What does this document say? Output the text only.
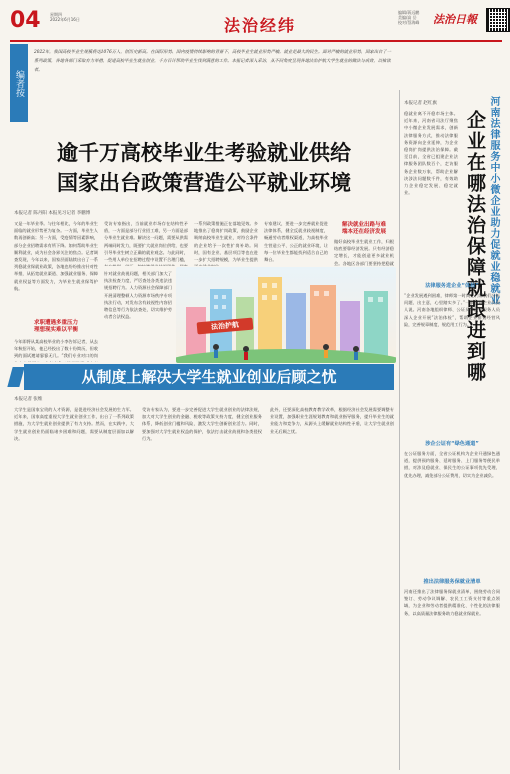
04 星期四
2022年6月16日	法治经纬
编辑/蒋远鹏
美编/高 岳
校对/蔡海峰 法治日報
编者按
2022年，我国高校毕业生规模将达1076万人，创历史新高。在国际形势、国内疫情持续影响的背景下，高校毕业生就业形势严峻。就业是最大的民生。面对严峻的就业形势，国家出台了一系列政策，各地各部门采取有力举措，促进高校毕业生就业创业，千方百计帮助毕业生找到满意的工作。本报记者深入采访，从不同角度呈现各地法治护航大学生就业的做法与成效，以飨读者。
逾千万高校毕业生考验就业供给
国家出台政策营造公平就业环境
本报记者 陈丹阳 本报见习记者 李鹏博
又是一年毕业季。与往年相比，今年的毕业生面临的就业形势更为复杂。一方面，毕业生人数再创新高；另一方面，受疫情等因素影响，部分企业招聘需求有所下降。如何帮助毕业生顺利就业，成为社会各界关注的焦点。记者调查发现，今年以来，国家层面陆续出台了一系列稳就业保就业政策，各地也纷纷推出针对性举措，从拓宽就业渠道、加强就业服务、保障就业权益等方面发力，为毕业生就业保驾护航。
求职遭遇多重压力
理想现实难以平衡
今年即将从某高校毕业的小李告诉记者，从去年秋招开始，他已经投出了数十份简历，但收到的面试邀请寥寥无几。“我们专业对口的岗
受访专家指出，当前就业市场存在结构性矛盾，一方面是部分行业招工难，另一方面是部分毕业生就业难。解决这一问题，需要从供需两端同时发力，既要扩大就业岗位供给，也要引导毕业生树立正确的就业观念。与此同时，一些用人单位在招聘过程中设置不合理门槛，
针对就业歧视问题，相关部门加大了执法检查力度，严厉查处各类违法违规招聘行为。人力资源社会保障部门开展清理整顿人力资源市场秩序专项执法行动，对发布含有歧视性内容招聘信息等行为依法查处，切实维护劳动者合法权益。
一系列政策措施正在落地见效。多地推出了稳岗扩岗政策，鼓励企业吸纳高校毕业生就业，对符合条件的企业给予一次性扩岗补助。同时，国有企业、基层项目等也在进一步扩大招聘规模，为毕业生提供
专家建议，要进一步完善就业促进法律体系，健全反就业歧视制度，畅通劳动者维权渠道，为高校毕业生营造公平、公正的就业环境，让每一位毕业生都能找到适合自己的舞台。
解决就业出路与难
端本还在经济发展
做好高校毕业生就业工作，归根结底要靠经济发展。只有经济稳定增长，才能创造更多就业机会。各地区各部门要坚持把稳就
法治护航
从制度上解决大学生就业创业后顾之忧
本报记者 张维
大学生是国家宝贵的人才资源，是促进经济社会发展的生力军。近年来，国家高度重视大学生就业创业工作，出台了一系列政策措施，为大学生就业创业提供了有力支持。然而，在实践中，大学生就业创业仍面临诸多困难和问题，需要从制度层面加以解决。
受访专家认为，要进一步完善促进大学生就业创业的法律法规，加大对大学生创业的金融、税收等政策支持力度，健全创业服务体系，降低创业门槛和风险，激发大学生创新创业活力。同时，要加强对大学生就业权益的保护，依法打击就业歧视和各类侵权行为。
此外，还要深化高校教育教学改革，根据经济社会发展需要调整专业设置，加强职业生涯规划教育和就业指导服务，提升毕业生的就业能力和竞争力，从源头上缓解就业结构性矛盾，让大学生就业创业无后顾之忧。
本报记者 赵红旗	河南法律服务中小微企业助力促就业稳就业
企业在哪法治保障就跟进到哪
稳就业离不开稳市场主体。近年来，河南省司法厅聚焦中小微企业发展需求，创新法律服务方式，推动法律服务资源向企业延伸，为企业稳岗扩岗提供法治保障。截至目前，全省已组建企业法律服务团队数百个，走访服务企业数万家，帮助企业解决涉法问题数千件，有效助力企业稳定发展、稳定就业。
法律服务进企业“体检”
“企业发展遇到困难，律师第一时间上门帮我们分析问题、出主意，心里踏实多了。”一家小微企业负责人说。河南各地组织律师、公证员等法律服务人员深入企业开展“法治体检”，帮助企业排查经营风险，完善规章制度，规范用工行为。
涉企公证有“绿色通道”
在公证服务方面，全省公证机构为企业开通绿色通道，提供预约服务、延时服务、上门服务等便民举措，对涉及稳就业、保民生的公证事项优先受理、优先办理，减免部分公证费用，切实为企业减负。
推出法律服务保就业清单
河南还推出了法律服务保就业清单，围绕劳动合同签订、劳动争议调解、农民工工资支付等重点领域，为企业和劳动者提供精准化、个性化的法律服务，以高质量法律服务助力稳就业保就业。
